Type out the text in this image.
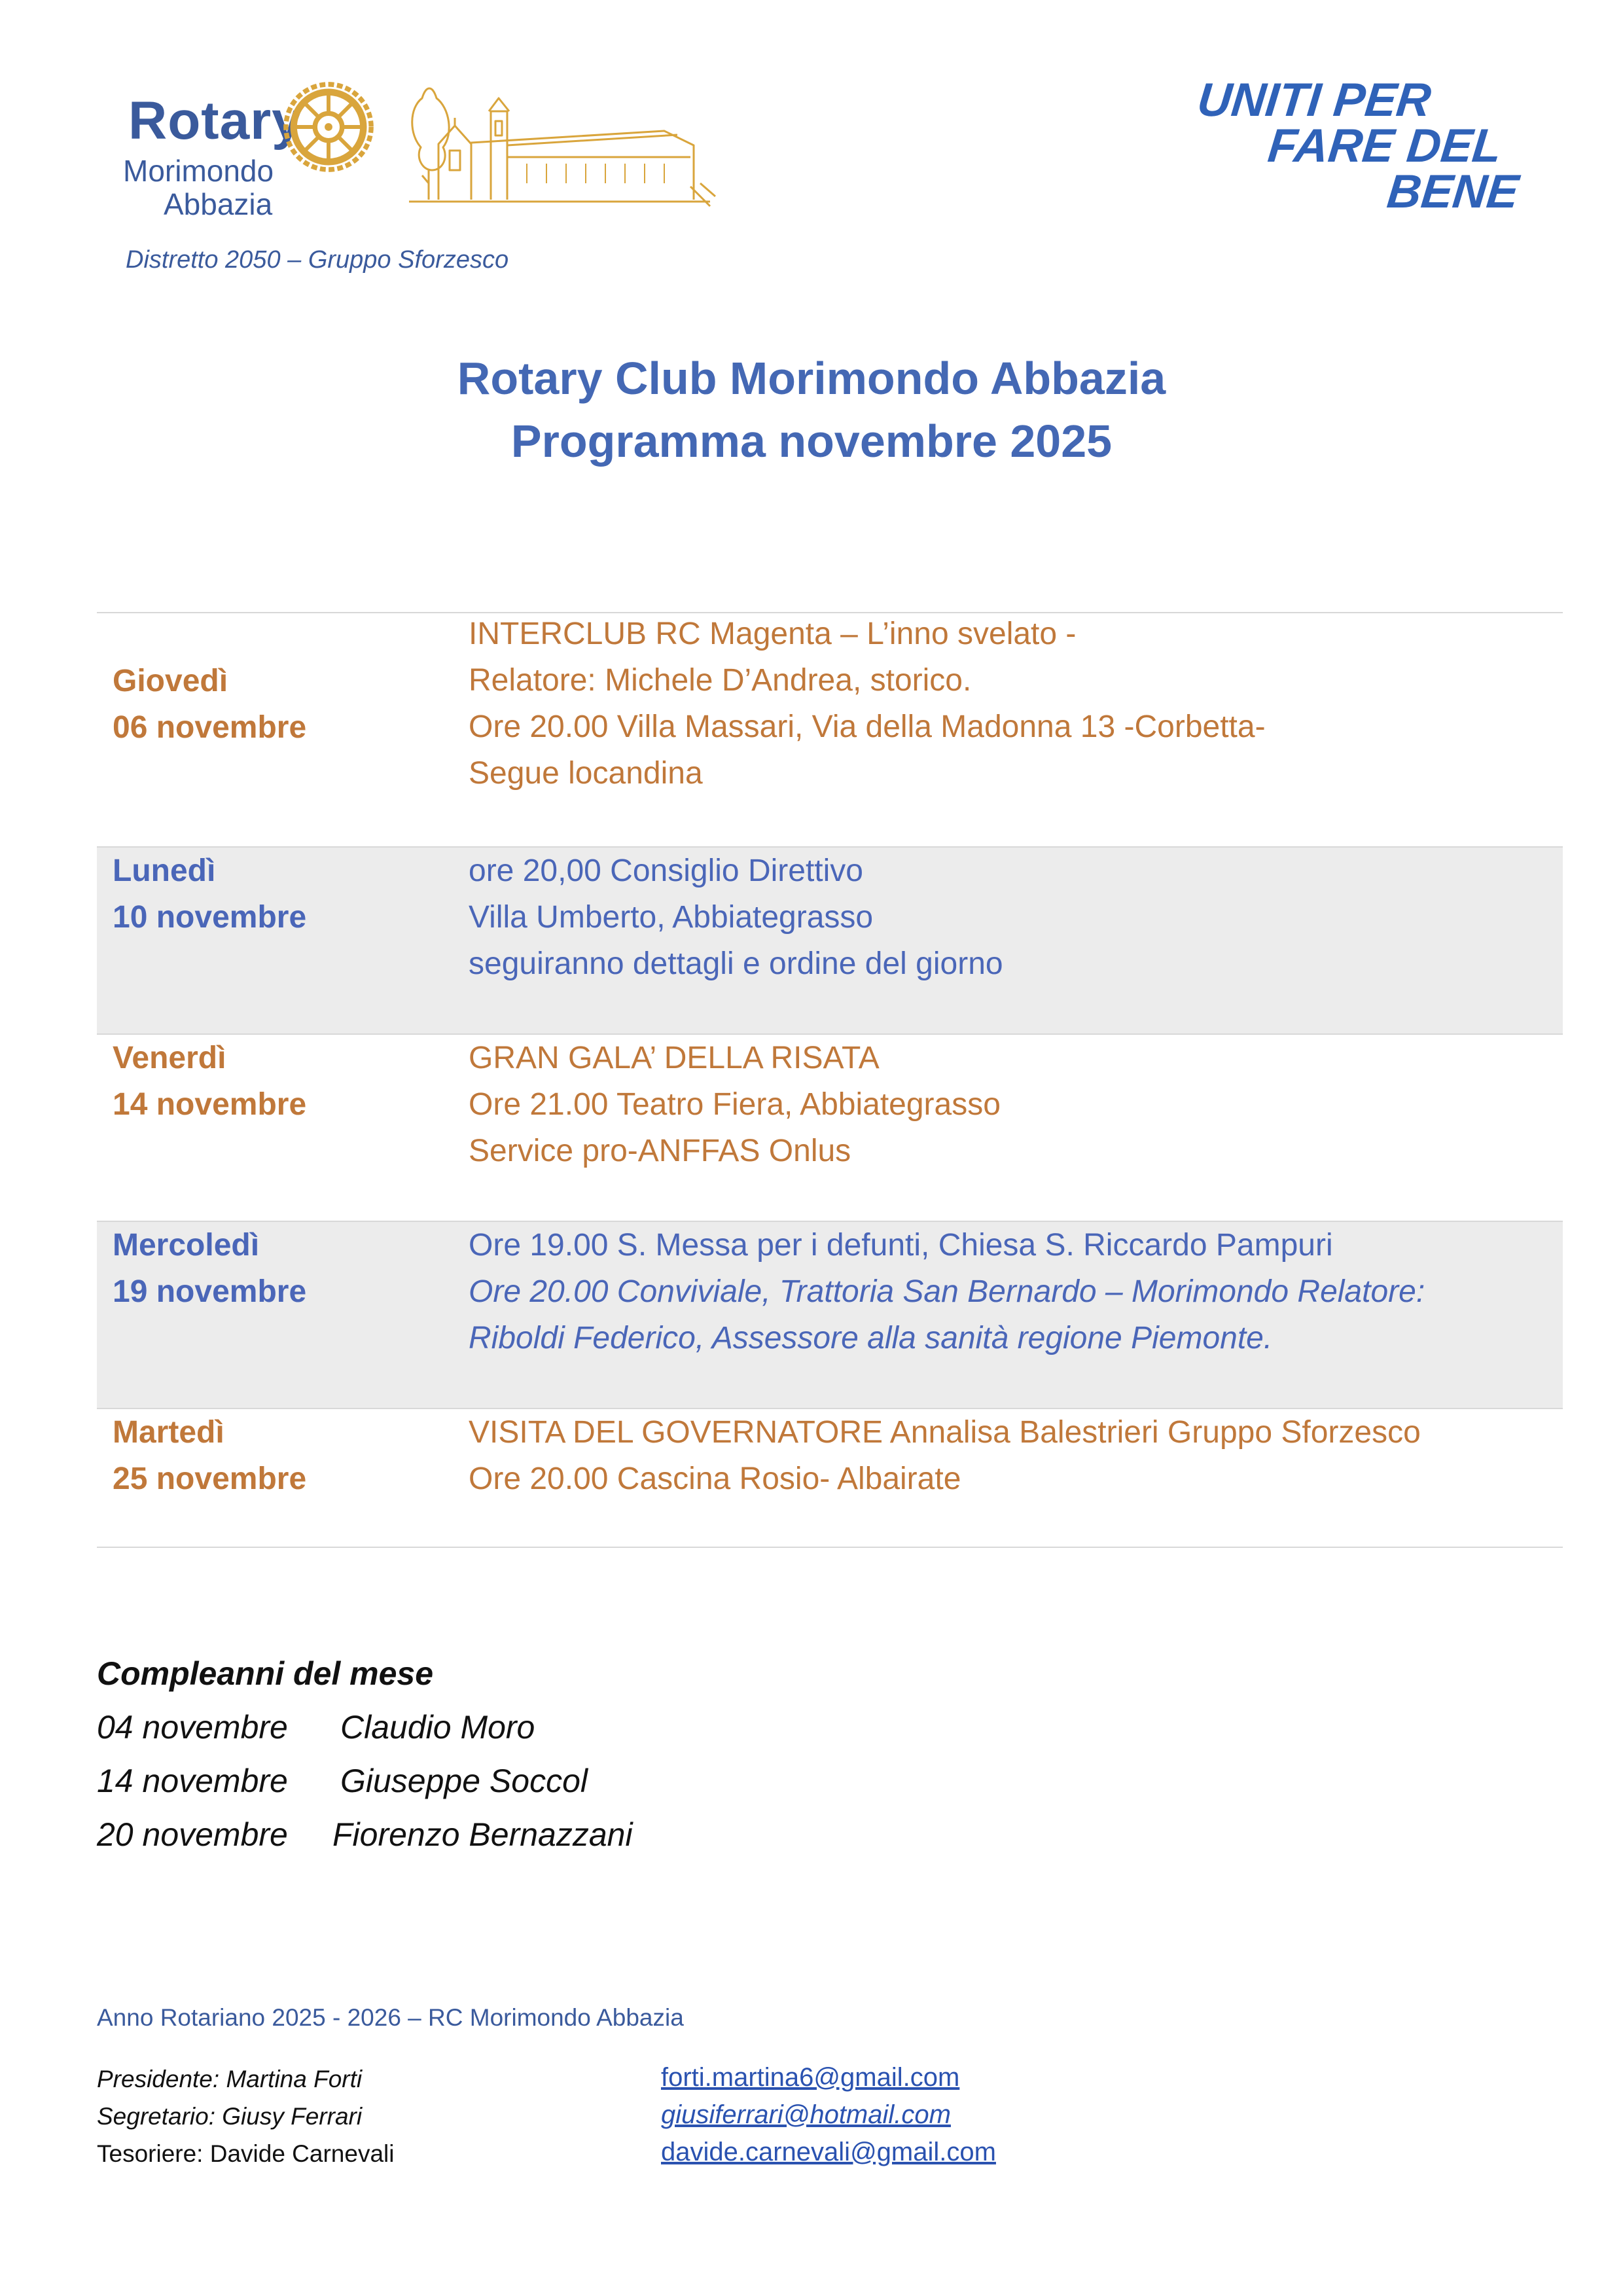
Rotary
Morimondo
Abbazia
Distretto 2050 – Gruppo Sforzesco
UNITI PER
FARE DEL
BENE
Rotary Club Morimondo Abbazia
Programma novembre 2025
Giovedì
06 novembre
INTERCLUB RC Magenta – L’inno svelato -
Relatore: Michele D’Andrea, storico.
Ore 20.00 Villa Massari, Via della Madonna 13 -Corbetta-
Segue locandina
Lunedì
10 novembre
ore 20,00 Consiglio Direttivo
Villa Umberto, Abbiategrasso
seguiranno dettagli e ordine del giorno
Venerdì
14 novembre
GRAN GALA’ DELLA RISATA
Ore 21.00 Teatro Fiera, Abbiategrasso
Service pro-ANFFAS Onlus
Mercoledì
19 novembre
Ore 19.00 S. Messa per i defunti, Chiesa S. Riccardo Pampuri
Ore 20.00 Conviviale, Trattoria San Bernardo – Morimondo Relatore:
Riboldi Federico, Assessore alla sanità regione Piemonte.
Martedì
25 novembre
VISITA DEL GOVERNATORE Annalisa Balestrieri Gruppo Sforzesco
Ore 20.00 Cascina Rosio- Albairate
Compleanni del mese
04 novembre Claudio Moro
14 novembre Giuseppe Soccol
20 novembre Fiorenzo Bernazzani
Anno Rotariano 2025 - 2026 – RC Morimondo Abbazia
Presidente: Martina Forti
Segretario: Giusy Ferrari
Tesoriere: Davide Carnevali
forti.martina6@gmail.com
giusiferrari@hotmail.com
davide.carnevali@gmail.com
